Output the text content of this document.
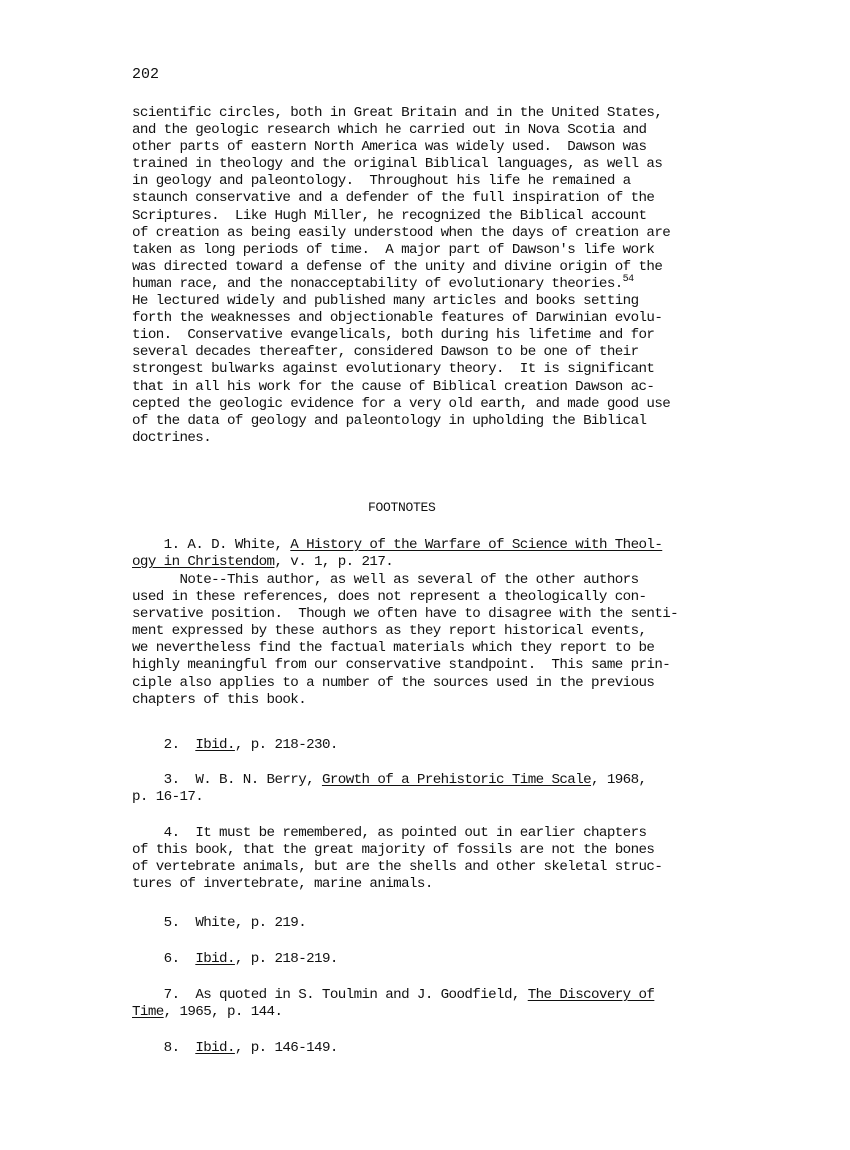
202
scientific circles, both in Great Britain and in the United States,
and the geologic research which he carried out in Nova Scotia and
other parts of eastern North America was widely used.  Dawson was
trained in theology and the original Biblical languages, as well as
in geology and paleontology.  Throughout his life he remained a
staunch conservative and a defender of the full inspiration of the
Scriptures.  Like Hugh Miller, he recognized the Biblical account
of creation as being easily understood when the days of creation are
taken as long periods of time.  A major part of Dawson's life work
was directed toward a defense of the unity and divine origin of the
human race, and the nonacceptability of evolutionary theories.$^{54}$
He lectured widely and published many articles and books setting
forth the weaknesses and objectionable features of Darwinian evolu-
tion.  Conservative evangelicals, both during his lifetime and for
several decades thereafter, considered Dawson to be one of their
strongest bulwarks against evolutionary theory.  It is significant
that in all his work for the cause of Biblical creation Dawson ac-
cepted the geologic evidence for a very old earth, and made good use
of the data of geology and paleontology in upholding the Biblical
doctrines.
FOOTNOTES
1. A. D. White, A History of the Warfare of Science with Theol-
ogy in Christendom, v. 1, p. 217.
Note--This author, as well as several of the other authors
used in these references, does not represent a theologically con-
servative position.  Though we often have to disagree with the senti-
ment expressed by these authors as they report historical events,
we nevertheless find the factual materials which they report to be
highly meaningful from our conservative standpoint.  This same prin-
ciple also applies to a number of the sources used in the previous
chapters of this book.
2. Ibid., p. 218-230.
3. W. B. N. Berry, Growth of a Prehistoric Time Scale, 1968,
p. 16-17.
4. It must be remembered, as pointed out in earlier chapters
of this book, that the great majority of fossils are not the bones
of vertebrate animals, but are the shells and other skeletal struc-
tures of invertebrate, marine animals.
5. White, p. 219.
6. Ibid., p. 218-219.
7. As quoted in S. Toulmin and J. Goodfield, The Discovery of
Time, 1965, p. 144.
8. Ibid., p. 146-149.
